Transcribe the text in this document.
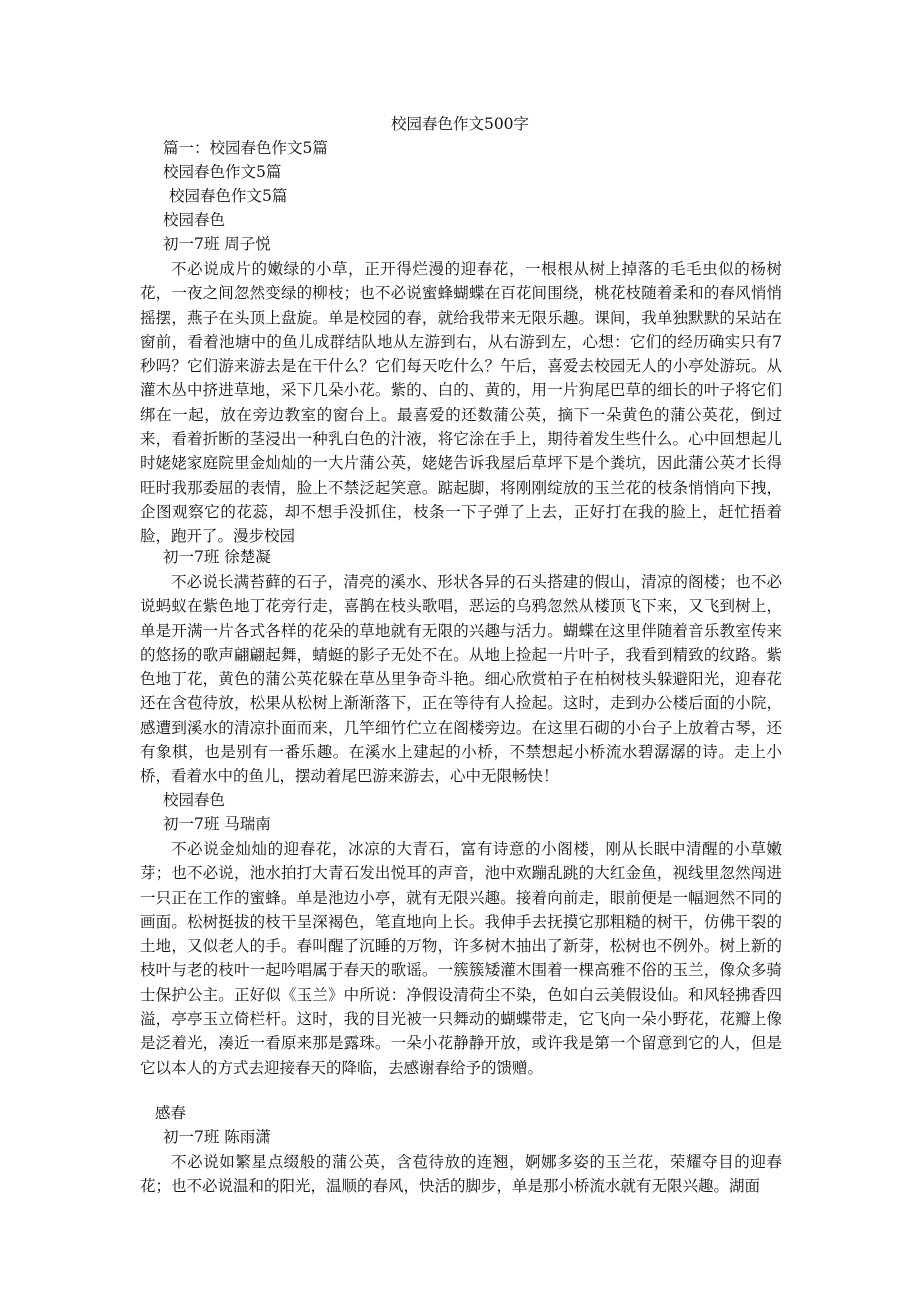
校园春色作文500字
篇一：校园春色作文5篇
校园春色作文5篇
校园春色作文5篇
校园春色
初一7班 周子悦

不必说成片的嫩绿的小草，正开得烂漫的迎春花，一根根从树上掉落的毛毛虫似的杨树花，一夜之间忽然变绿的柳枝；也不必说蜜蜂蝴蝶在百花间围绕，桃花枝随着柔和的春风悄悄摇摆，燕子在头顶上盘旋。单是校园的春，就给我带来无限乐趣。课间，我单独默默的呆站在窗前，看着池塘中的鱼儿成群结队地从左游到右，从右游到左，心想：它们的经历确实只有7秒吗？它们游来游去是在干什么？它们每天吃什么？午后，喜爱去校园无人的小亭处游玩。从灌木丛中挤进草地，采下几朵小花。紫的、白的、黄的，用一片狗尾巴草的细长的叶子将它们绑在一起，放在旁边教室的窗台上。最喜爱的还数蒲公英，摘下一朵黄色的蒲公英花，倒过来，看着折断的茎浸出一种乳白色的汁液，将它涂在手上，期待着发生些什么。心中回想起儿时姥姥家庭院里金灿灿的一大片蒲公英，姥姥告诉我屋后草坪下是个粪坑，因此蒲公英才长得旺时我那委屈的表情，脸上不禁泛起笑意。踮起脚，将刚刚绽放的玉兰花的枝条悄悄向下拽，企图观察它的花蕊，却不想手没抓住，枝条一下子弹了上去，正好打在我的脸上，赶忙捂着脸，跑开了。漫步校园

初一7班 徐楚凝

不必说长满苔藓的石子，清亮的溪水、形状各异的石头搭建的假山，清凉的阁楼；也不必说蚂蚁在紫色地丁花旁行走，喜鹊在枝头歌唱，恶运的乌鸦忽然从楼顶飞下来，又飞到树上，单是开满一片各式各样的花朵的草地就有无限的兴趣与活力。蝴蝶在这里伴随着音乐教室传来的悠扬的歌声翩翩起舞，蜻蜓的影子无处不在。从地上捡起一片叶子，我看到精致的纹路。紫色地丁花，黄色的蒲公英花躲在草丛里争奇斗艳。细心欣赏柏子在柏树枝头躲避阳光，迎春花还在含苞待放，松果从松树上渐渐落下，正在等待有人捡起。这时，走到办公楼后面的小院，感遭到溪水的清凉扑面而来，几竿细竹伫立在阁楼旁边。在这里石砌的小台子上放着古琴，还有象棋，也是别有一番乐趣。在溪水上建起的小桥，不禁想起小桥流水碧潺潺的诗。走上小桥，看着水中的鱼儿，摆动着尾巴游来游去，心中无限畅快！

校园春色
初一7班 马瑞南

不必说金灿灿的迎春花，冰凉的大青石，富有诗意的小阁楼，刚从长眠中清醒的小草嫩芽；也不必说，池水拍打大青石发出悦耳的声音，池中欢蹦乱跳的大红金鱼，视线里忽然闯进一只正在工作的蜜蜂。单是池边小亭，就有无限兴趣。接着向前走，眼前便是一幅迥然不同的画面。松树挺拔的枝干呈深褐色，笔直地向上长。我伸手去抚摸它那粗糙的树干，仿佛干裂的土地，又似老人的手。春叫醒了沉睡的万物，许多树木抽出了新芽，松树也不例外。树上新的枝叶与老的枝叶一起吟唱属于春天的歌谣。一簇簇矮灌木围着一棵高雅不俗的玉兰，像众多骑士保护公主。正好似《玉兰》中所说：净假设清荷尘不染，色如白云美假设仙。和风轻拂香四溢，亭亭玉立倚栏杆。这时，我的目光被一只舞动的蝴蝶带走，它飞向一朵小野花，花瓣上像是泛着光，凑近一看原来那是露珠。一朵小花静静开放，或许我是第一个留意到它的人，但是它以本人的方式去迎接春天的降临，去感谢春给予的馈赠。

感春
初一7班 陈雨潇

不必说如繁星点缀般的蒲公英，含苞待放的连翘，婀娜多姿的玉兰花，荣耀夺目的迎春花；也不必说温和的阳光，温顺的春风，快活的脚步，单是那小桥流水就有无限兴趣。湖面
